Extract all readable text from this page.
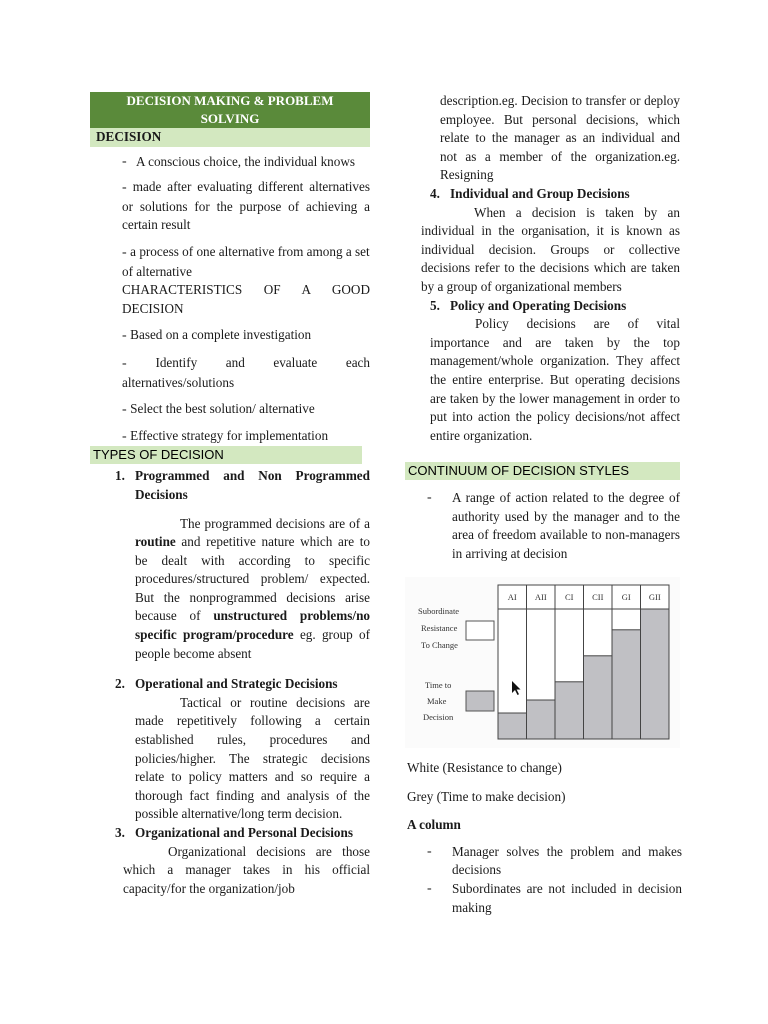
DECISION MAKING & PROBLEM SOLVING
DECISION
- A conscious choice, the individual knows
- made after evaluating different alternatives or solutions for the purpose of achieving a certain result
- a process of one alternative from among a set of alternative
CHARACTERISTICS OF A GOOD DECISION
- Based on a complete investigation
- Identify and evaluate each alternatives/solutions
- Select the best solution/ alternative
- Effective strategy for implementation
TYPES OF DECISION
1. Programmed and Non Programmed Decisions
The programmed decisions are of a routine and repetitive nature which are to be dealt with according to specific procedures/structured problem/ expected. But the nonprogrammed decisions arise because of unstructured problems/no specific program/procedure eg. group of people become absent
2. Operational and Strategic Decisions
Tactical or routine decisions are made repetitively following a certain established rules, procedures and policies/higher. The strategic decisions relate to policy matters and so require a thorough fact finding and analysis of the possible alternative/long term decision.
3. Organizational and Personal Decisions
Organizational decisions are those which a manager takes in his official capacity/for the organization/job
description.eg. Decision to transfer or deploy employee. But personal decisions, which relate to the manager as an individual and not as a member of the organization.eg. Resigning
4. Individual and Group Decisions
When a decision is taken by an individual in the organisation, it is known as individual decision. Groups or collective decisions refer to the decisions which are taken by a group of organizational members
5. Policy and Operating Decisions
Policy decisions are of vital importance and are taken by the top management/whole organization. They affect the entire enterprise. But operating decisions are taken by the lower management in order to put into action the policy decisions/not affect entire organization.
CONTINUUM OF DECISION STYLES
-	A range of action related to the degree of authority used by the manager and to the area of freedom available to non-managers in arriving at decision
Subordinate
Resistance
To Change
Time to
Make
Decision
AI AII CI CII GI GII
White (Resistance to change)
Grey (Time to make decision)
A column
-	Manager solves the problem and makes decisions
-	Subordinates are not included in decision making
